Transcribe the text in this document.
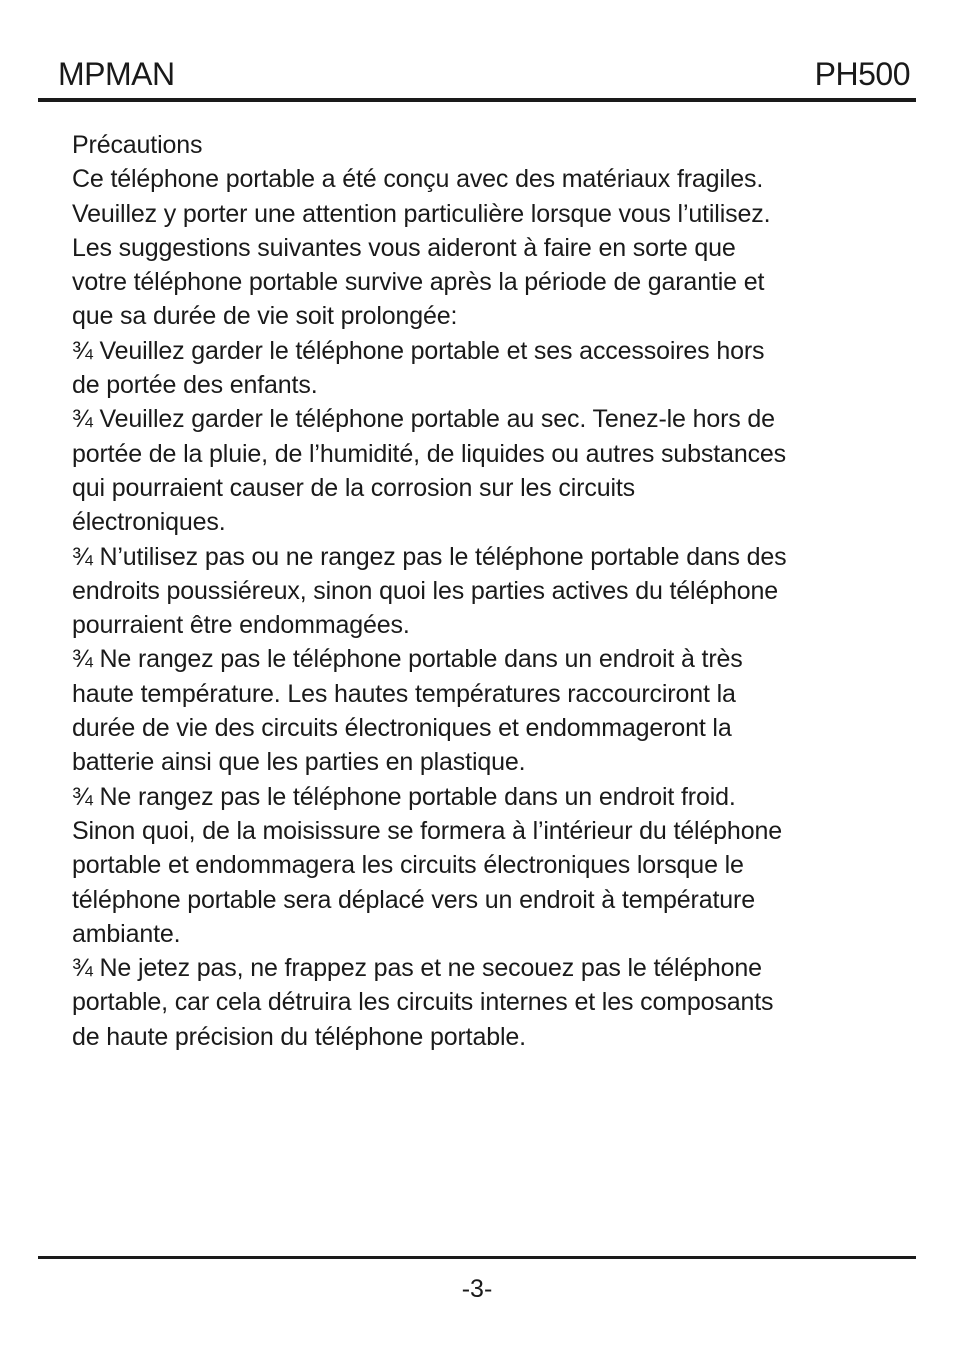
MPMAN	PH500

Précautions

Ce téléphone portable a été conçu avec des matériaux fragiles.
Veuillez y porter une attention particulière lorsque vous l’utilisez.
Les suggestions suivantes vous aideront à faire en sorte que
votre téléphone portable survive après la période de garantie et
que sa durée de vie soit prolongée:

¾ Veuillez garder le téléphone portable et ses accessoires hors
de portée des enfants.

¾ Veuillez garder le téléphone portable au sec. Tenez-le hors de
portée de la pluie, de l’humidité, de liquides ou autres substances
qui pourraient causer de la corrosion sur les circuits
électroniques.

¾ N’utilisez pas ou ne rangez pas le téléphone portable dans des
endroits poussiéreux, sinon quoi les parties actives du téléphone
pourraient être endommagées.

¾ Ne rangez pas le téléphone portable dans un endroit à très
haute température. Les hautes températures raccourciront la
durée de vie des circuits électroniques et endommageront la
batterie ainsi que les parties en plastique.

¾ Ne rangez pas le téléphone portable dans un endroit froid.
Sinon quoi, de la moisissure se formera à l’intérieur du téléphone
portable et endommagera les circuits électroniques lorsque le
téléphone portable sera déplacé vers un endroit à température
ambiante.

¾ Ne jetez pas, ne frappez pas et ne secouez pas le téléphone
portable, car cela détruira les circuits internes et les composants
de haute précision du téléphone portable.

-3-
